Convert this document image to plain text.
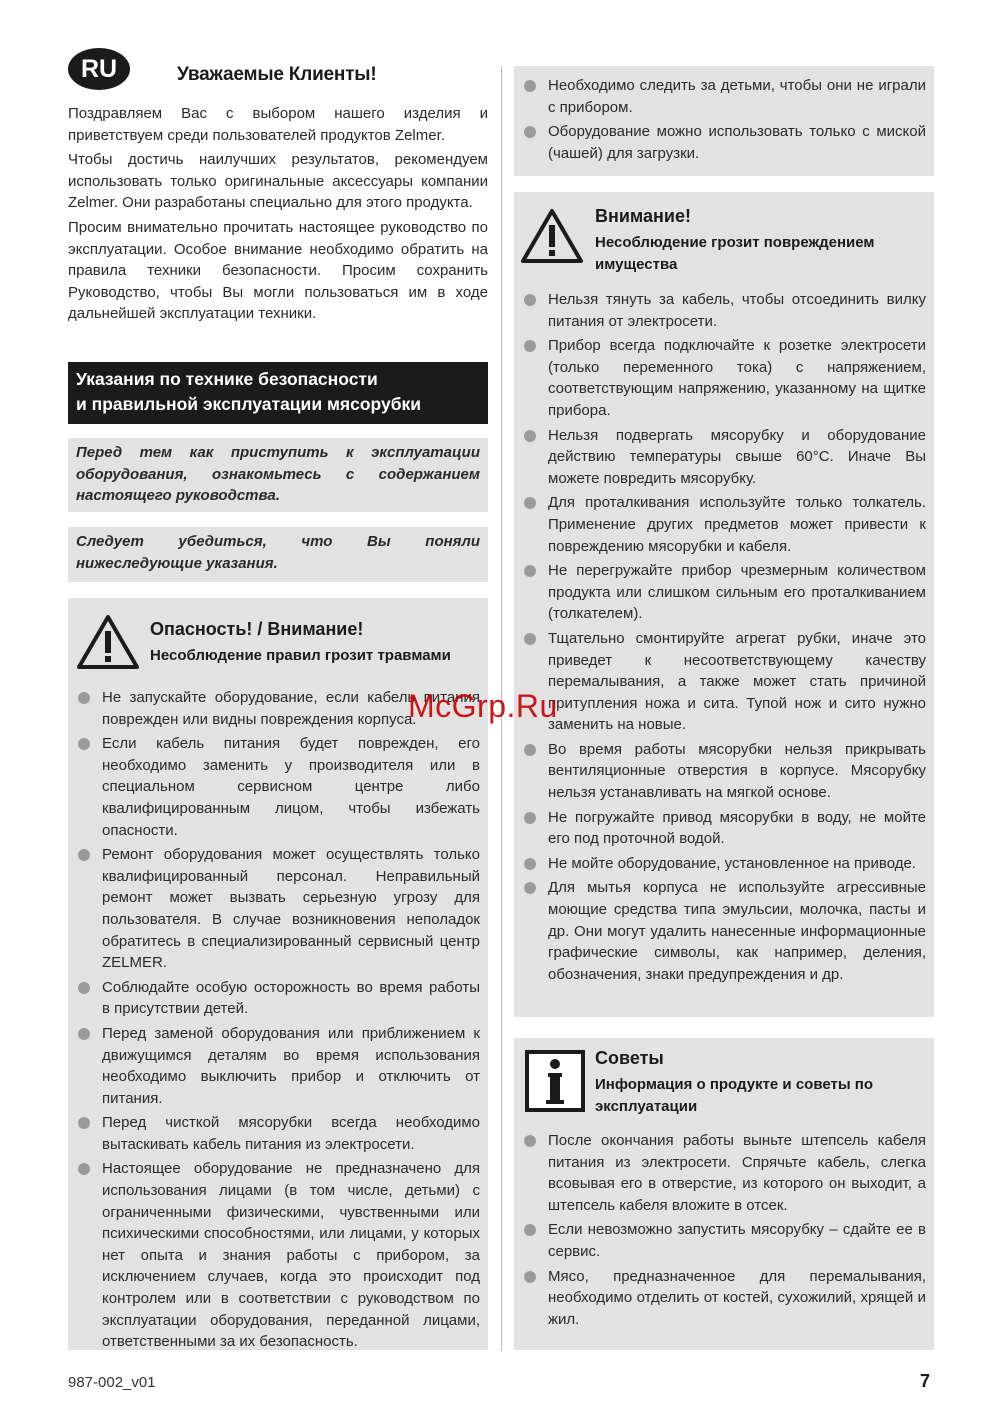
RU	Уважаемые Клиенты!

Поздравляем Вас с выбором нашего изделия и приветствуем среди пользователей продуктов Zelmer.

Чтобы достичь наилучших результатов, рекомендуем использовать только оригинальные аксессуары компании Zelmer. Они разработаны специально для этого продукта.

Просим внимательно прочитать настоящее руководство по эксплуатации. Особое внимание необходимо обратить на правила техники безопасности. Просим сохранить Руководство, чтобы Вы могли пользоваться им в ходе дальнейшей эксплуатации техники.

Указания по технике безопасности
и правильной эксплуатации мясорубки
Перед тем как приступить к эксплуатации оборудования, ознакомьтесь с содержанием настоящего руководства.
Следует убедиться, что Вы поняли нижеследующие указания.
Опасность! / Внимание!
Несоблюдение правил грозит травмами
Не запускайте оборудование, если кабель питания поврежден или видны повреждения корпуса.
Если кабель питания будет поврежден, его необходимо заменить у производителя или в специальном сервисном центре либо квалифицированным лицом, чтобы избежать опасности.
Ремонт оборудования может осуществлять только квалифицированный персонал. Неправильный ремонт может вызвать серьезную угрозу для пользователя. В случае возникновения неполадок обратитесь в специализированный сервисный центр ZELMER.
Соблюдайте особую осторожность во время работы в присутствии детей.
Перед заменой оборудования или приближением к движущимся деталям во время использования необходимо выключить прибор и отключить от питания.
Перед чисткой мясорубки всегда необходимо вытаскивать кабель питания из электросети.
Настоящее оборудование не предназначено для использования лицами (в том числе, детьми) с ограниченными физическими, чувственными или психическими способностями, или лицами, у которых нет опыта и знания работы с прибором, за исключением случаев, когда это происходит под контролем или в соответствии с руководством по эксплуатации оборудования, переданной лицами, ответственными за их безопасность.
Необходимо следить за детьми, чтобы они не играли с прибором.
Оборудование можно использовать только с миской (чашей) для загрузки.
Внимание!
Несоблюдение грозит повреждением имущества
Нельзя тянуть за кабель, чтобы отсоединить вилку питания от электросети.
Прибор всегда подключайте к розетке электросети (только переменного тока) с напряжением, соответствующим напряжению, указанному на щитке прибора.
Нельзя подвергать мясорубку и оборудование действию температуры свыше 60°C. Иначе Вы можете повредить мясорубку.
Для проталкивания используйте только толкатель. Применение других предметов может привести к повреждению мясорубки и кабеля.
Не перегружайте прибор чрезмерным количеством продукта или слишком сильным его проталкиванием (толкателем).
Тщательно смонтируйте агрегат рубки, иначе это приведет к несоответствующему качеству перемалывания, а также может стать причиной притупления ножа и сита. Тупой нож и сито нужно заменить на новые.
Во время работы мясорубки нельзя прикрывать вентиляционные отверстия в корпусе. Мясорубку нельзя устанавливать на мягкой основе.
Не погружайте привод мясорубки в воду, не мойте его под проточной водой.
Не мойте оборудование, установленное на приводе.
Для мытья корпуса не используйте агрессивные моющие средства типа эмульсии, молочка, пасты и др. Они могут удалить нанесенные информационные графические символы, как например, деления, обозначения, знаки предупреждения и др.
Советы
Информация о продукте и советы по эксплуатации
После окончания работы выньте штепсель кабеля питания из электросети. Спрячьте кабель, слегка всовывая его в отверстие, из которого он выходит, а штепсель кабеля вложите в отсек.
Если невозможно запустить мясорубку – сдайте ее в сервис.
Мясо, предназначенное для перемалывания, необходимо отделить от костей, сухожилий, хрящей и жил.
McGrp.Ru
987-002_v01	7
